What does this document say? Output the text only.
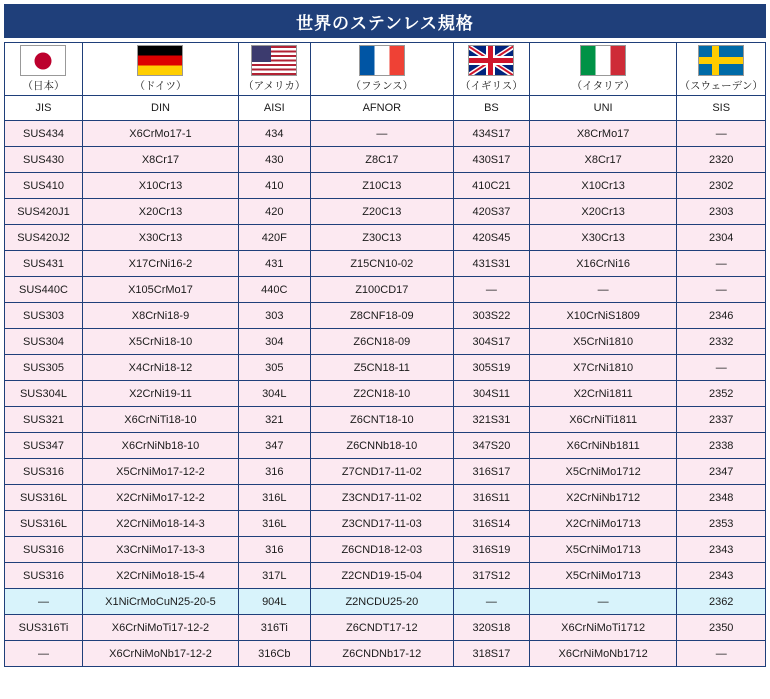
世界のステンレス規格
（日本）	（ドイツ）	（アメリカ）	（フランス）	（イギリス）	（イタリア）	（スウェーデン）

JIS	DIN	AISI	AFNOR	BS	UNI	SIS
SUS434	X6CrMo17-1	434	—	434S17	X8CrMo17	—
SUS430	X8Cr17	430	Z8C17	430S17	X8Cr17	2320
SUS410	X10Cr13	410	Z10C13	410C21	X10Cr13	2302
SUS420J1	X20Cr13	420	Z20C13	420S37	X20Cr13	2303
SUS420J2	X30Cr13	420F	Z30C13	420S45	X30Cr13	2304
SUS431	X17CrNi16-2	431	Z15CN10-02	431S31	X16CrNi16	—
SUS440C	X105CrMo17	440C	Z100CD17	—	—	—
SUS303	X8CrNi18-9	303	Z8CNF18-09	303S22	X10CrNiS1809	2346
SUS304	X5CrNi18-10	304	Z6CN18-09	304S17	X5CrNi1810	2332
SUS305	X4CrNi18-12	305	Z5CN18-11	305S19	X7CrNi1810	—
SUS304L	X2CrNi19-11	304L	Z2CN18-10	304S11	X2CrNi1811	2352
SUS321	X6CrNiTi18-10	321	Z6CNT18-10	321S31	X6CrNiTi1811	2337
SUS347	X6CrNiNb18-10	347	Z6CNNb18-10	347S20	X6CrNiNb1811	2338
SUS316	X5CrNiMo17-12-2	316	Z7CND17-11-02	316S17	X5CrNiMo1712	2347
SUS316L	X2CrNiMo17-12-2	316L	Z3CND17-11-02	316S11	X2CrNiNb1712	2348
SUS316L	X2CrNiMo18-14-3	316L	Z3CND17-11-03	316S14	X2CrNiMo1713	2353
SUS316	X3CrNiMo17-13-3	316	Z6CND18-12-03	316S19	X5CrNiMo1713	2343
SUS316	X2CrNiMo18-15-4	317L	Z2CND19-15-04	317S12	X5CrNiMo1713	2343
—	X1NiCrMoCuN25-20-5	904L	Z2NCDU25-20	—	—	2362
SUS316Ti	X6CrNiMoTi17-12-2	316Ti	Z6CNDT17-12	320S18	X6CrNiMoTi1712	2350
—	X6CrNiMoNb17-12-2	316Cb	Z6CNDNb17-12	318S17	X6CrNiMoNb1712	—
